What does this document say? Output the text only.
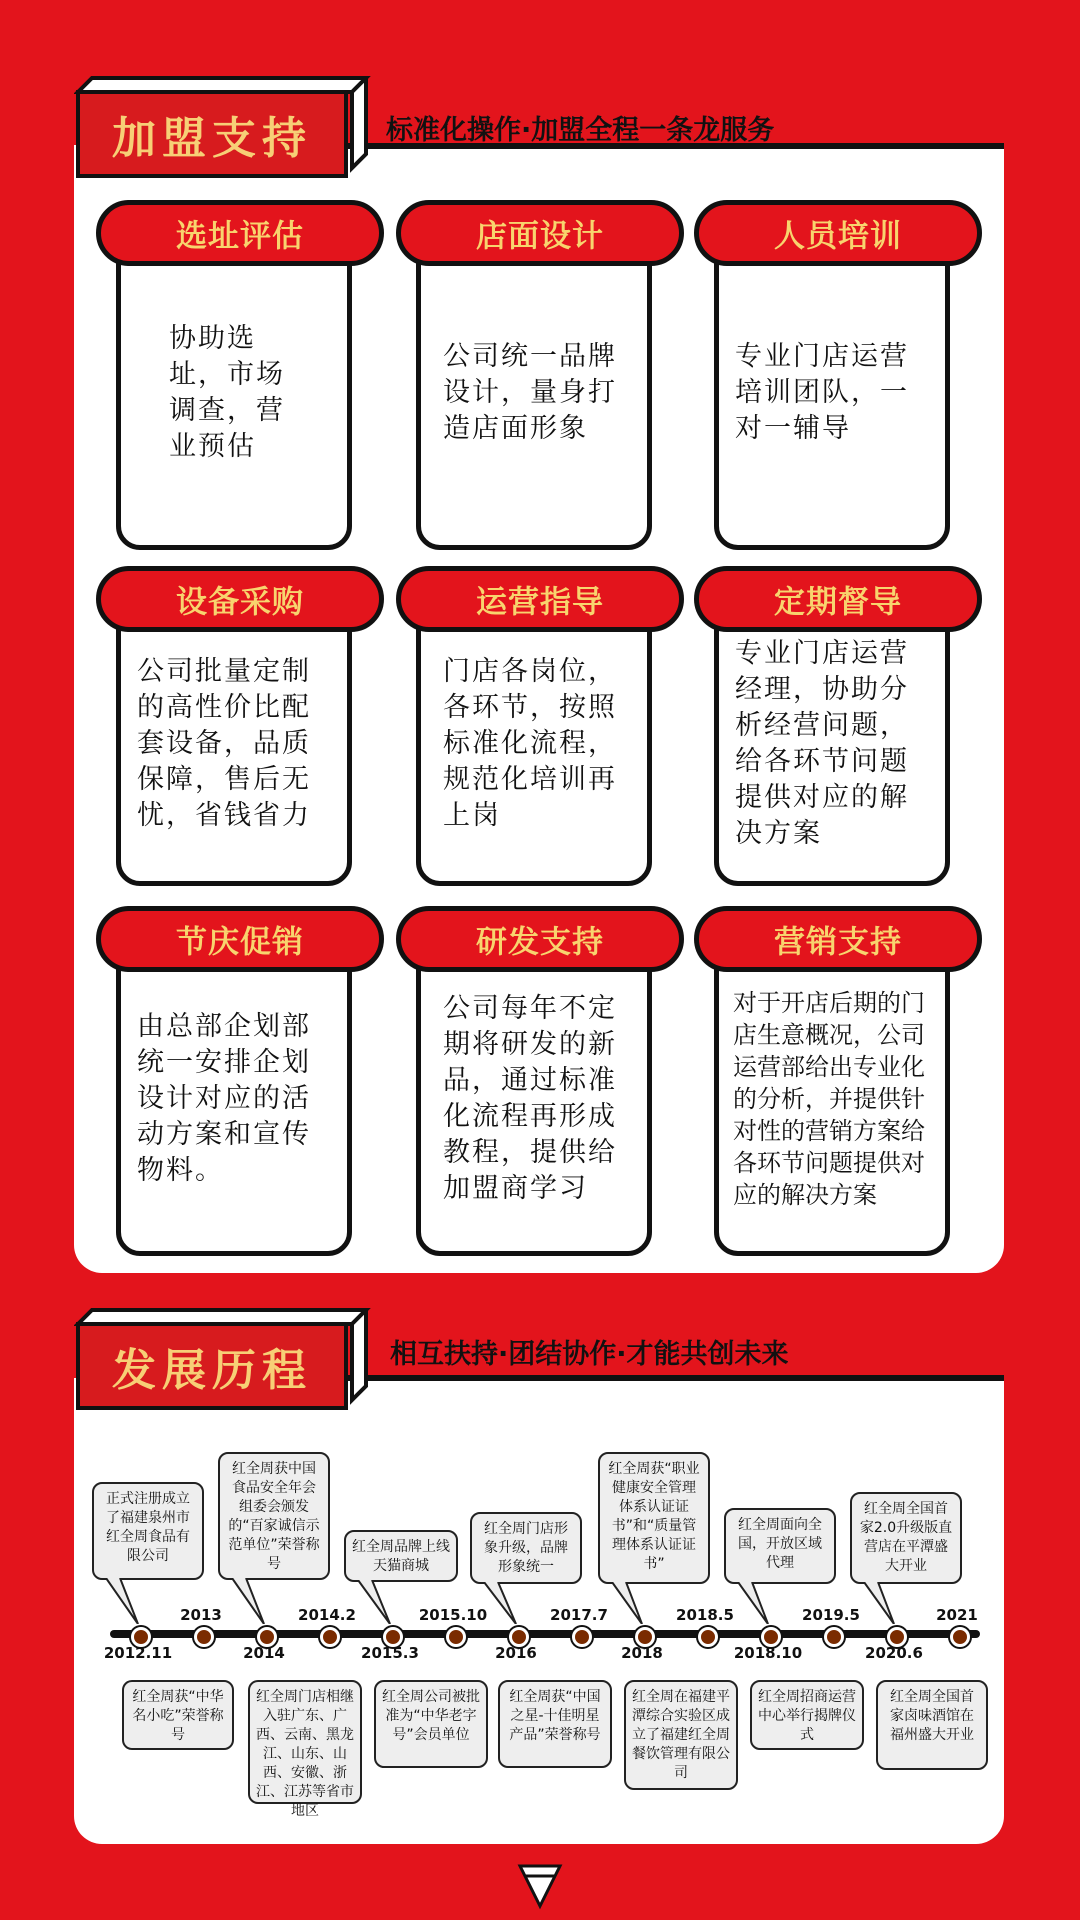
加盟支持	标准化操作·加盟全程一条龙服务
协助选址，市场调查，营业预估
选址评估
公司统一品牌设计，量身打造店面形象
店面设计
专业门店运营培训团队，一对一辅导
人员培训
公司批量定制的高性价比配套设备，品质保障，售后无忧，省钱省力
设备采购
门店各岗位，各环节，按照标准化流程，规范化培训再上岗
运营指导
专业门店运营经理，协助分析经营问题，给各环节问题提供对应的解决方案
定期督导
由总部企划部统一安排企划设计对应的活动方案和宣传物料。
节庆促销
公司每年不定期将研发的新品，通过标准化流程再形成教程，提供给加盟商学习
研发支持
对于开店后期的门店生意概况，公司运营部给出专业化的分析，并提供针对性的营销方案给各环节问题提供对应的解决方案
营销支持
发展历程	相互扶持·团结协作·才能共创未来
2012.11
正式注册成立了福建泉州市红全周食品有限公司
2013
红全周获“中华名小吃”荣誉称号
2014
红全周获中国食品安全年会组委会颁发的“百家诚信示范单位”荣誉称号
2014.2
红全周门店相继入驻广东、广西、云南、黑龙江、山东、山西、安徽、浙江、江苏等省市地区
2015.3
红全周品牌上线天猫商城
2015.10
红全周公司被批准为“中华老字号”会员单位
2016
红全周门店形象升级，品牌形象统一
2017.7
红全周获“中国之星-十佳明星产品”荣誉称号
2018
红全周获“职业健康安全管理体系认证证书”和“质量管理体系认证证书”
2018.5
红全周在福建平潭综合实验区成立了福建红全周餐饮管理有限公司
2018.10
红全周面向全国，开放区域代理
2019.5
红全周招商运营中心举行揭牌仪式
2020.6
红全周全国首家2.0升级版直营店在平潭盛大开业
2021
红全周全国首家卤味酒馆在福州盛大开业
